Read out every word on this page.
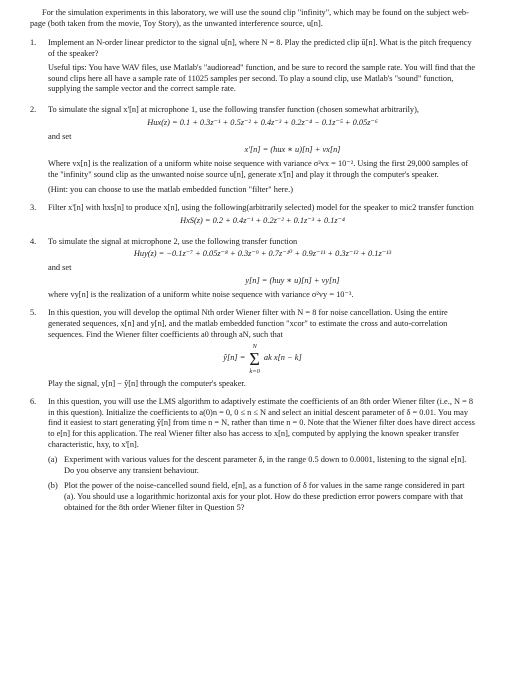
For the simulation experiments in this laboratory, we will use the sound clip "infinity", which may be found on the subject web-page (both taken from the movie, Toy Story), as the unwanted interference source, u[n].

1.	Implement an N-order linear predictor to the signal u[n], where N = 8. Play the predicted clip ū[n]. What is the pitch frequency of the speaker?

Useful tips: You have WAV files, use Matlab's "audioread" function, and be sure to record the sample rate. You will find that the sound clips here all have a sample rate of 11025 samples per second. To play a sound clip, use Matlab's "sound" function, supplying the sample vector and the correct sample rate.

2.	To simulate the signal x'[n] at microphone 1, use the following transfer function (chosen somewhat arbitrarily),

Hux(z) = 0.1 + 0.3z⁻¹ + 0.5z⁻² + 0.4z⁻³ + 0.2z⁻⁴ − 0.1z⁻⁵ + 0.05z⁻⁶

and set

x'[n] = (hux ∗ u)[n] + vx[n]

Where vx[n] is the realization of a uniform white noise sequence with variance σ²vx = 10⁻². Using the first 29,000 samples of the "infinity" sound clip as the unwanted noise source u[n], generate x'[n] and play it through the computer's speaker.

(Hint: you can choose to use the matlab embedded function "filter" here.)

3.	Filter x'[n] with hxs[n] to produce x[n], using the following(arbitrarily selected) model for the speaker to mic2 transfer function

HxS(z) = 0.2 + 0.4z⁻¹ + 0.2z⁻² + 0.1z⁻³ + 0.1z⁻⁴

4.	To simulate the signal at microphone 2, use the following transfer function

Huy(z) = −0.1z⁻⁷ + 0.05z⁻⁸ + 0.3z⁻⁹ + 0.7z⁻¹⁰ + 0.9z⁻¹¹ + 0.3z⁻¹² + 0.1z⁻¹³

and set

y[n] = (huy ∗ u)[n] + vy[n]

where vy[n] is the realization of a uniform white noise sequence with variance σ²vy = 10⁻³.

5.	In this question, you will develop the optimal Nth order Wiener filter with N = 8 for noise cancellation. Using the entire generated sequences, x[n] and y[n], and the matlab embedded function "xcor" to estimate the cross and auto-correlation sequences. Find the Wiener filter coefficients a0 through aN, such that

ŷ[n] =
N
Σ
k=0
ak x[n − k]

Play the signal, y[n] − ŷ[n] through the computer's speaker.

6.	In this question, you will use the LMS algorithm to adaptively estimate the coefficients of an 8th order Wiener filter (i.e., N = 8 in this question). Initialize the coefficients to a(0)n = 0, 0 ≤ n ≤ N and select an initial descent parameter of δ = 0.01. You may find it easiest to start generating ŷ[n] from time n = N, rather than time n = 0. Note that the Wiener filter does have direct access to e[n] for this application. The real Wiener filter also has access to x[n], computed by applying the known speaker transfer characteristic, hxy, to x'[n].

(a) Experiment with various values for the descent parameter δ, in the range 0.5 down to 0.0001, listening to the signal e[n]. Do you observe any transient behaviour.

(b) Plot the power of the noise-cancelled sound field, e[n], as a function of δ for values in the same range considered in part (a). You should use a logarithmic horizontal axis for your plot. How do these prediction error powers compare with that obtained for the 8th order Wiener filter in Question 5?
